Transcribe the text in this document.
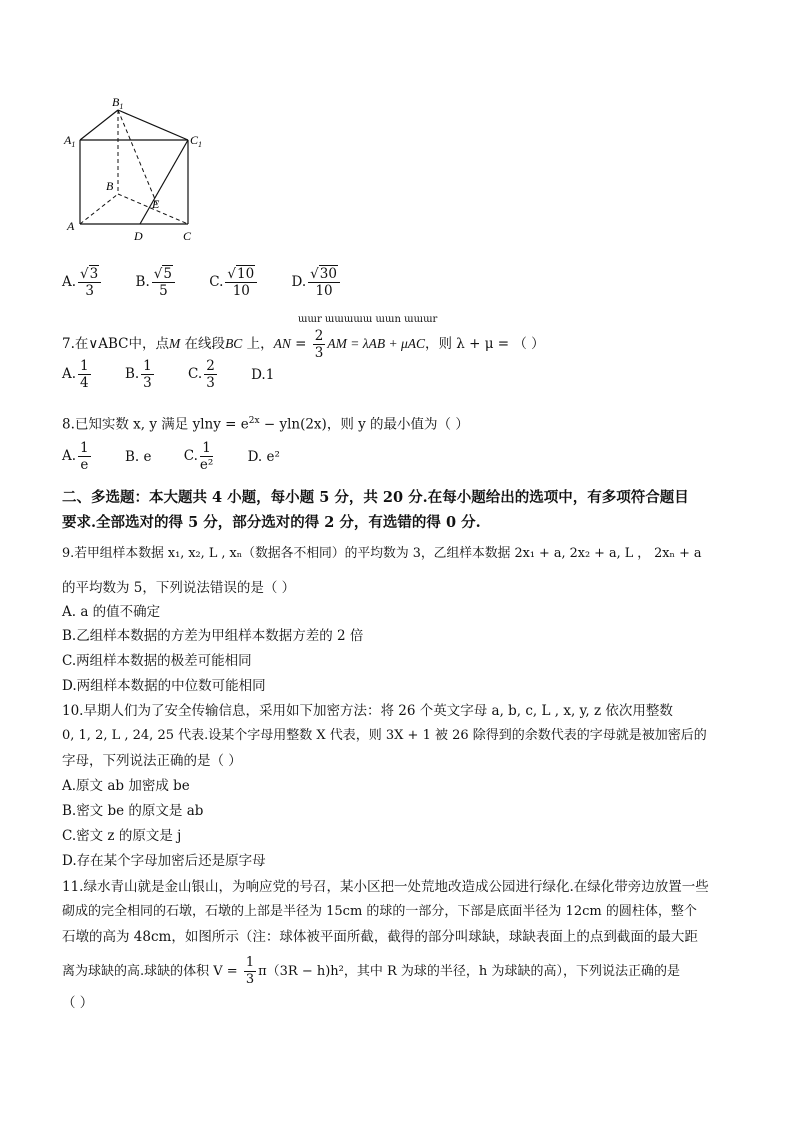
$B_1$
$A_1$	$C_1$
B
E
A
D	C
A. $\frac{√3}{3}$	B. $\frac{√5}{5}$	C. $\frac{√10}{10}$	D. $\frac{√30}{10}$
ɯɯr ɯɯɯɯɯ ɯɯn ɯɯɯr
7.在∨ABC中，点M 在线段BC 上，AN = $\frac{2}{3}$ AM = λAB + μAC，则 λ + μ = （ ）
A. $\frac{1}{4}$	B. $\frac{1}{3}$	C. $\frac{2}{3}$	D.1
8.已知实数 x, y 满足 $ylny = e^{2x} - yln(2x)$，则 y 的最小值为（ ）
A. $\frac{1}{e}$	B. e C. $\frac{1}{\text{e²}}$	D. e²
二、多选题：本大题共 4 小题，每小题 5 分，共 20 分.在每小题给出的选项中，有多项符合题目
要求.全部选对的得 5 分，部分选对的得 2 分，有选错的得 0 分.
9.若甲组样本数据 x₁, x₂, L , xₙ（数据各不相同）的平均数为 3，乙组样本数据 2x₁ + a, 2x₂ + a, L ， 2xₙ + a
的平均数为 5，下列说法错误的是（ ）
A. a 的值不确定
B.乙组样本数据的方差为甲组样本数据方差的 2 倍
C.两组样本数据的极差可能相同
D.两组样本数据的中位数可能相同
10.早期人们为了安全传输信息，采用如下加密方法：将 26 个英文字母 a, b, c, L , x, y, z 依次用整数
0, 1, 2, L , 24, 25 代表.设某个字母用整数 X 代表，则 3X + 1 被 26 除得到的余数代表的字母就是被加密后的
字母，下列说法正确的是（ ）
A.原文 ab 加密成 be
B.密文 be 的原文是 ab
C.密文 z 的原文是 j
D.存在某个字母加密后还是原字母
11.绿水青山就是金山银山，为响应党的号召，某小区把一处荒地改造成公园进行绿化.在绿化带旁边放置一些
砌成的完全相同的石墩，石墩的上部是半径为 15cm 的球的一部分，下部是底面半径为 12cm 的圆柱体，整个
石墩的高为 48cm，如图所示（注：球体被平面所截，截得的部分叫球缺，球缺表面上的点到截面的最大距
离为球缺的高.球缺的体积 $V = \frac{1}{3} \pi(3R - h)h^2$，其中 R 为球的半径，h 为球缺的高），下列说法正确的是
（ ）
